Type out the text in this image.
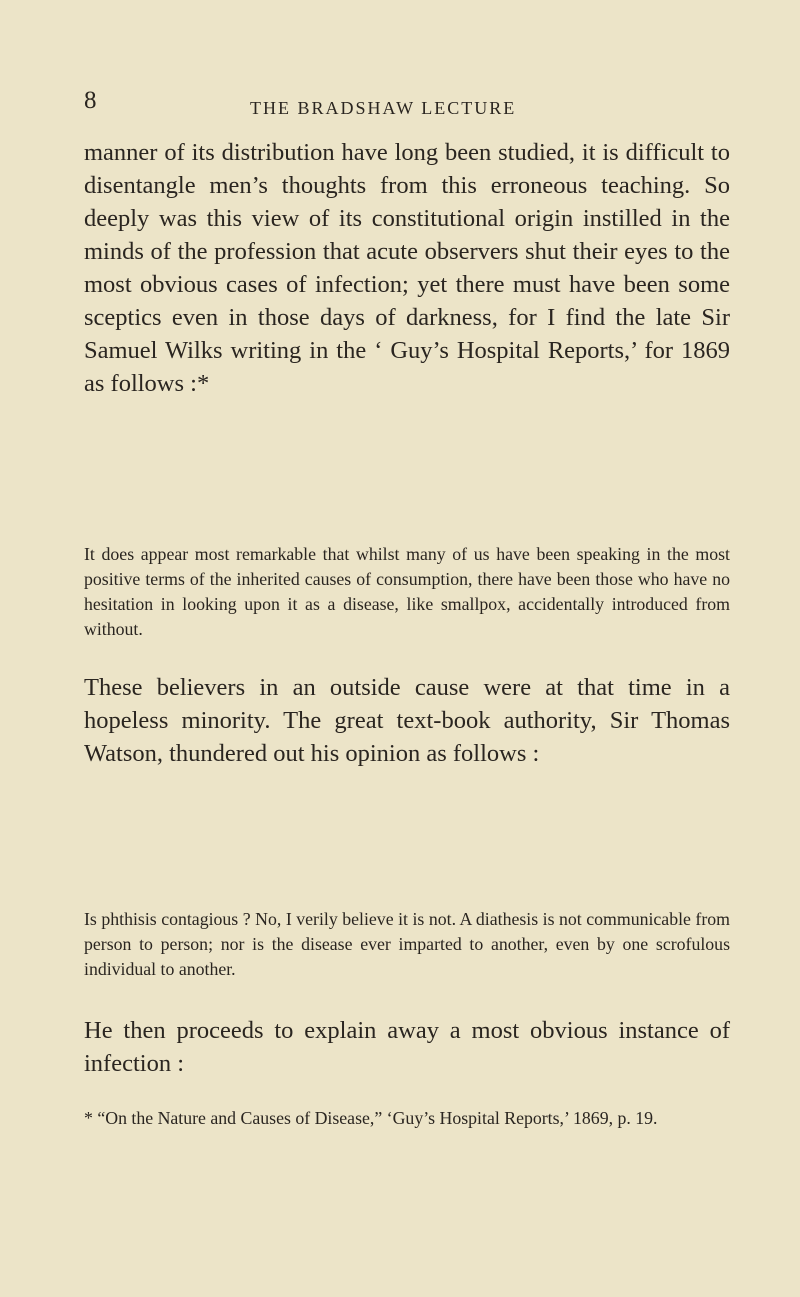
8	THE BRADSHAW LECTURE

manner of its distribution have long been studied, it is difficult to disentangle men’s thoughts from this erroneous teaching. So deeply was this view of its constitutional origin instilled in the minds of the profession that acute observers shut their eyes to the most obvious cases of infection; yet there must have been some sceptics even in those days of darkness, for I find the late Sir Samuel Wilks writing in the ‘ Guy’s Hospital Reports,’ for 1869 as follows :*

It does appear most remarkable that whilst many of us have been speaking in the most positive terms of the inherited causes of consumption, there have been those who have no hesitation in looking upon it as a disease, like smallpox, accidentally introduced from without.

These believers in an outside cause were at that time in a hopeless minority. The great text-book authority, Sir Thomas Watson, thundered out his opinion as follows :

Is phthisis contagious ? No, I verily believe it is not. A diathesis is not communicable from person to person; nor is the disease ever imparted to another, even by one scrofulous individual to another.

He then proceeds to explain away a most obvious instance of infection :

* “On the Nature and Causes of Disease,” ‘Guy’s Hospital Reports,’ 1869, p. 19.
